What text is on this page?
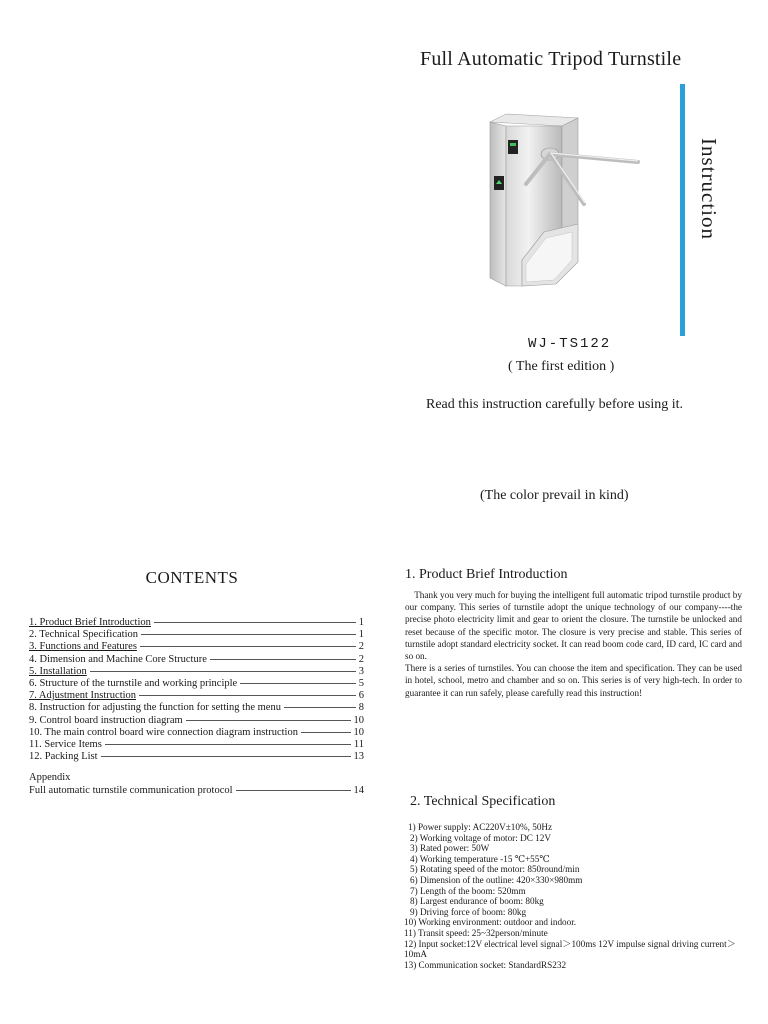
Full Automatic Tripod Turnstile
Instruction
WJ-TS122
( The first edition )
Read this instruction carefully before using it.
(The color prevail in kind)
CONTENTS
1. Product Brief Introduction	1
2. Technical Specification	1
3. Functions and Features	2
4. Dimension and Machine Core Structure	2
5. Installation	3
6. Structure of the turnstile and working principle	5
7. Adjustment Instruction	6
8. Instruction for adjusting the function for setting the menu	8
9. Control board instruction diagram	10
10. The main control board wire connection diagram instruction	10
11. Service Items	11
12. Packing List	13
Appendix
Full automatic turnstile communication protocol	14
1. Product Brief Introduction

Thank you very much for buying the intelligent full automatic tripod turnstile product by our company. This series of turnstile adopt the unique technology of our company----the precise photo electricity limit and gear to orient the closure. The turnstile be unlocked and reset because of the specific motor. The closure is very precise and stable. This series of turnstile adopt standard electricity socket. It can read boom code card, ID card, IC card and so on.

There is a series of turnstiles. You can choose the item and specification. They can be used in hotel, school, metro and chamber and so on. This series is of very high-tech. In order to guarantee it can run safely, please carefully read this instruction!

2. Technical Specification
1) Power supply: AC220V±10%, 50Hz
2) Working voltage of motor: DC 12V
3) Rated power: 50W
4) Working temperature -15 ℃+55℃
5) Rotating speed of the motor: 850round/min
6) Dimension of the outline: 420×330×980mm
7) Length of the boom: 520mm
8) Largest endurance of boom: 80kg
9) Driving force of boom: 80kg
10) Working environment: outdoor and indoor.
11) Transit speed: 25~32person/minute
12) Input socket:12V electrical level signal＞100ms 12V impulse signal driving current＞10mA
13) Communication socket: StandardRS232
